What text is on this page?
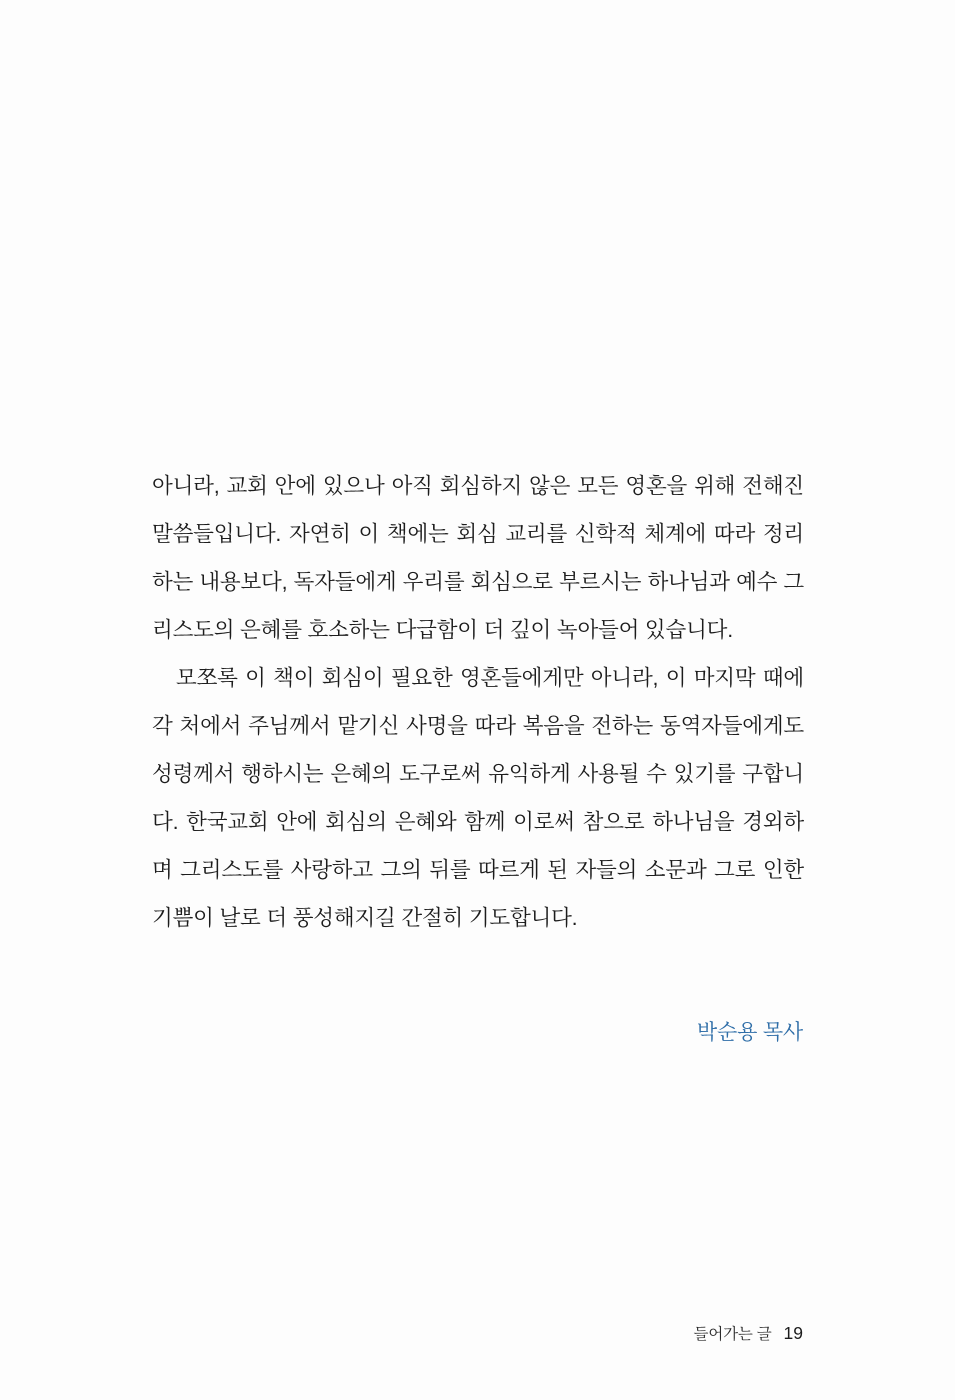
아니라, 교회 안에 있으나 아직 회심하지 않은 모든 영혼을 위해 전해진 말씀들입니다. 자연히 이 책에는 회심 교리를 신학적 체계에 따라 정리하는 내용보다, 독자들에게 우리를 회심으로 부르시는 하나님과 예수 그리스도의 은혜를 호소하는 다급함이 더 깊이 녹아들어 있습니다.

모쪼록 이 책이 회심이 필요한 영혼들에게만 아니라, 이 마지막 때에 각 처에서 주님께서 맡기신 사명을 따라 복음을 전하는 동역자들에게도 성령께서 행하시는 은혜의 도구로써 유익하게 사용될 수 있기를 구합니다. 한국교회 안에 회심의 은혜와 함께 이로써 참으로 하나님을 경외하며 그리스도를 사랑하고 그의 뒤를 따르게 된 자들의 소문과 그로 인한 기쁨이 날로 더 풍성해지길 간절히 기도합니다.

박순용 목사
들어가는 글 19
